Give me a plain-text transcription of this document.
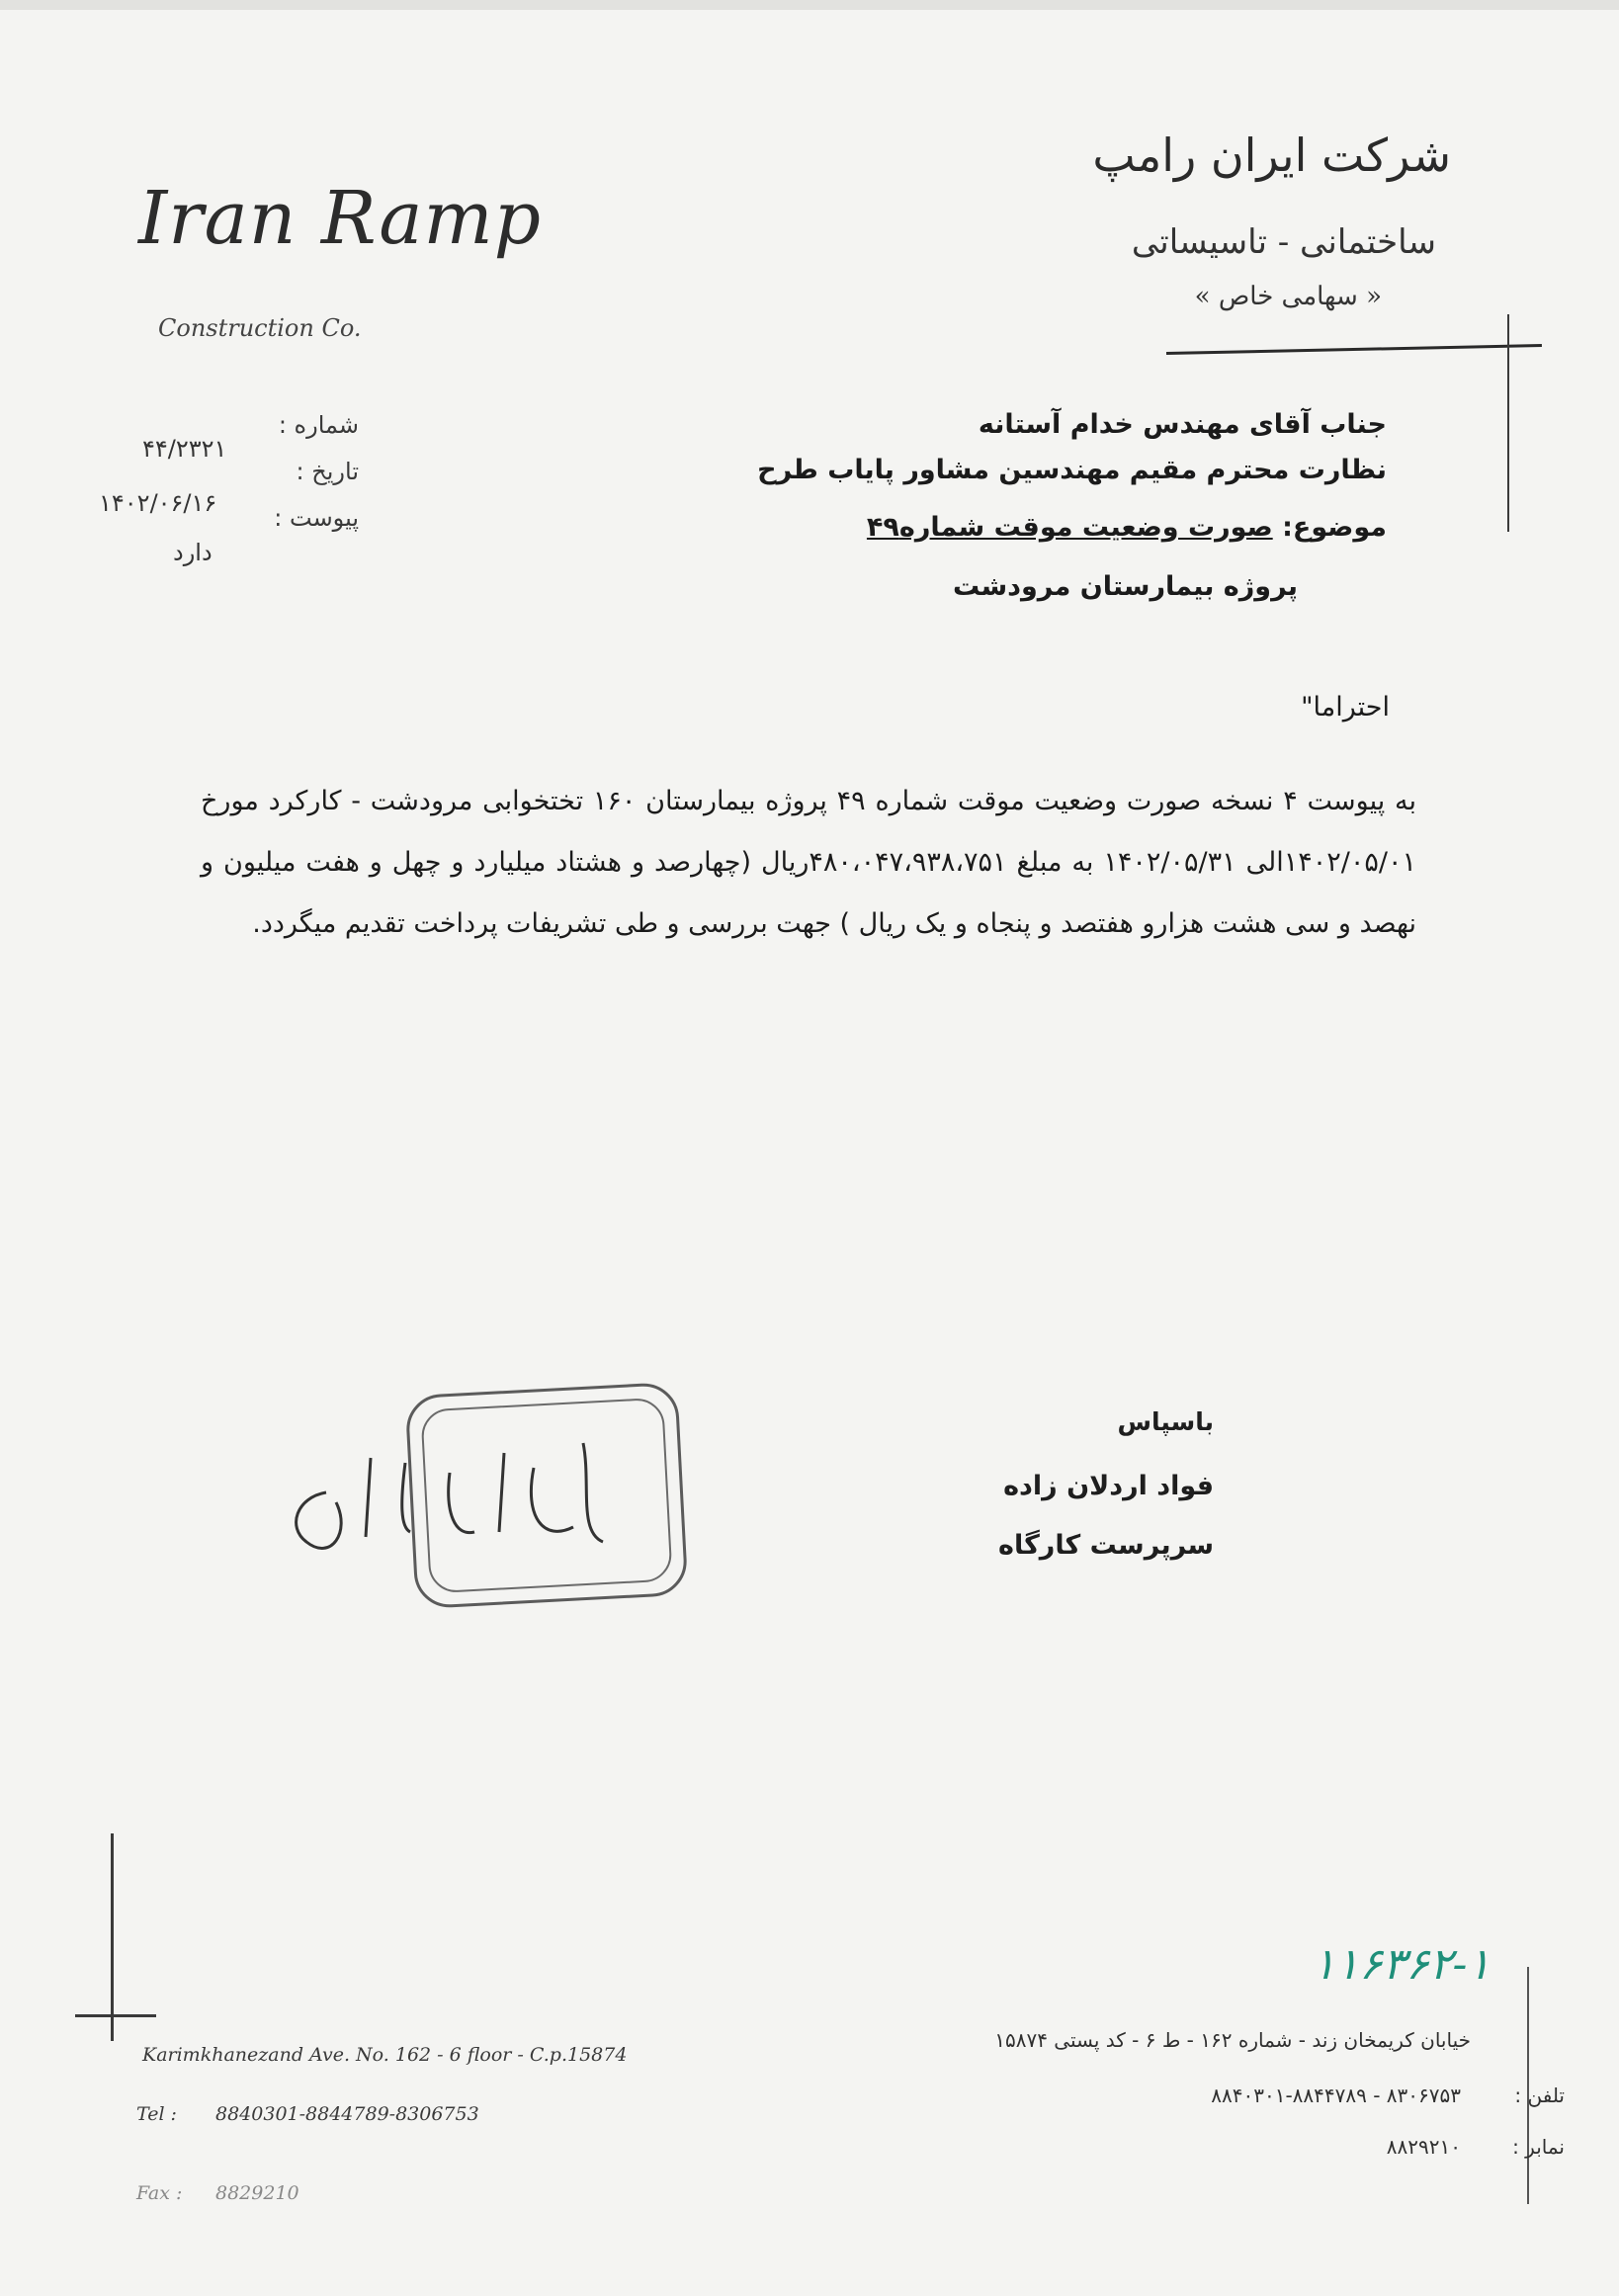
شرکت ایران رامپ
ساختمانی - تاسیساتی
« سهامی خاص »
Iran Ramp
Construction Co.
شماره :
تاریخ :
پیوست :
۴۴/۲۳۲۱
۱۴۰۲/۰۶/۱۶
دارد
جناب آقای مهندس خدام آستانه
نظارت محترم مقیم مهندسین مشاور پایاب طرح
موضوع: صورت وضعیت موقت شماره۴۹
پروژه بیمارستان مرودشت
احتراما"

به پیوست ۴ نسخه صورت وضعیت موقت شماره ۴۹ پروژه بیمارستان ۱۶۰ تختخوابی مرودشت - کارکرد مورخ ۱۴۰۲/۰۵/۰۱الی ۱۴۰۲/۰۵/۳۱ به مبلغ ۴۸۰،۰۴۷،۹۳۸،۷۵۱ریال (چهارصد و هشتاد میلیارد و چهل و هفت میلیون و نهصد و سی هشت هزارو هفتصد و پنجاه و یک ریال ) جهت بررسی و طی تشریفات پرداخت تقدیم میگردد.

باسپاس
فواد اردلان زاده
سرپرست کارگاه
۱۱۶۳۶۲-۱
خیابان کریمخان زند - شماره ۱۶۲ - ط ۶ - کد پستی ۱۵۸۷۴
تلفن :
۸۸۴۰۳۰۱-۸۸۴۴۷۸۹ - ۸۳۰۶۷۵۳
نمابر :
۸۸۲۹۲۱۰
Karimkhanezand Ave. No. 162 - 6 floor - C.p.15874
Tel : 8840301-8844789-8306753
Fax : 8829210
